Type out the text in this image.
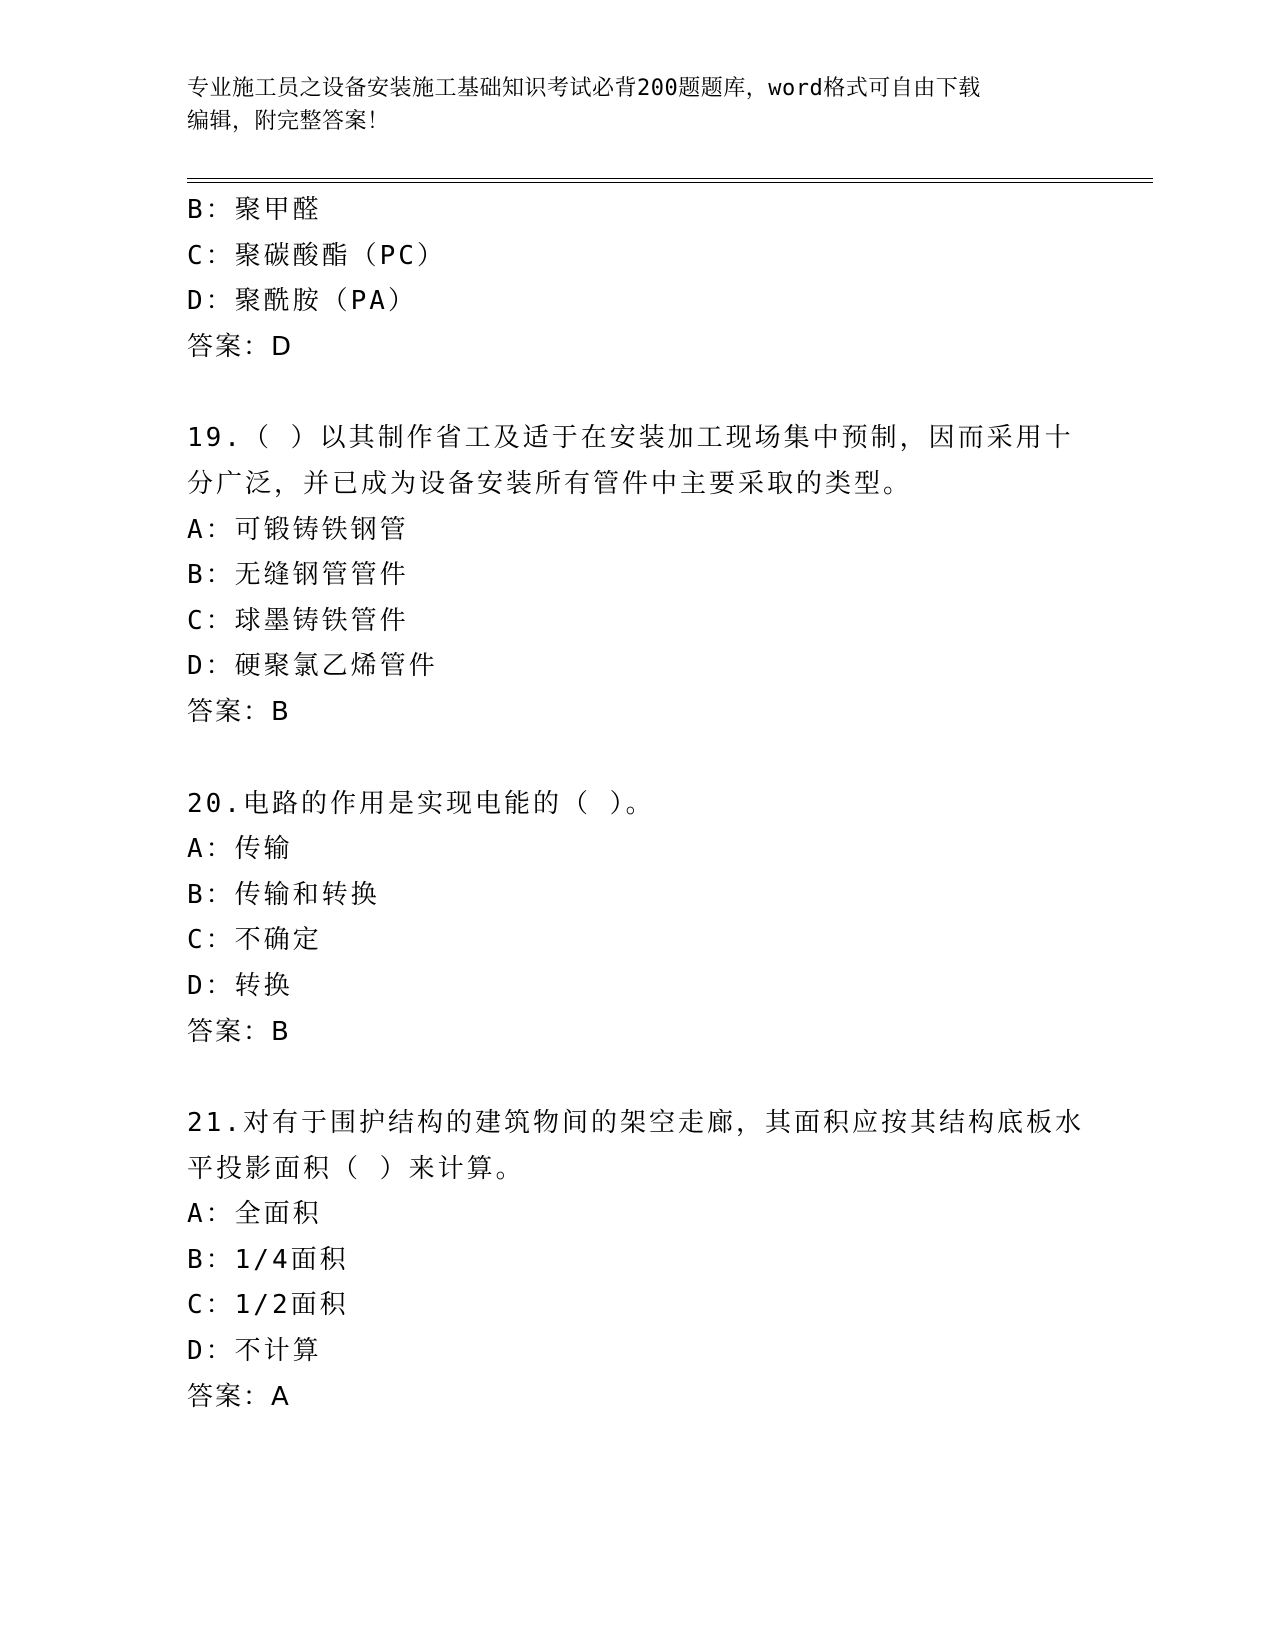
专业施工员之设备安装施工基础知识考试必背200题题库，word格式可自由下载
编辑，附完整答案！
B：聚甲醛
C：聚碳酸酯（PC）
D：聚酰胺（PA）
答案：D
19.（ ）以其制作省工及适于在安装加工现场集中预制，因而采用十
分广泛，并已成为设备安装所有管件中主要采取的类型。
A：可锻铸铁钢管
B：无缝钢管管件
C：球墨铸铁管件
D：硬聚氯乙烯管件
答案：B
20.电路的作用是实现电能的（ ）。
A：传输
B：传输和转换
C：不确定
D：转换
答案：B
21.对有于围护结构的建筑物间的架空走廊，其面积应按其结构底板水
平投影面积（ ）来计算。
A：全面积
B：1/4面积
C：1/2面积
D：不计算
答案：A
